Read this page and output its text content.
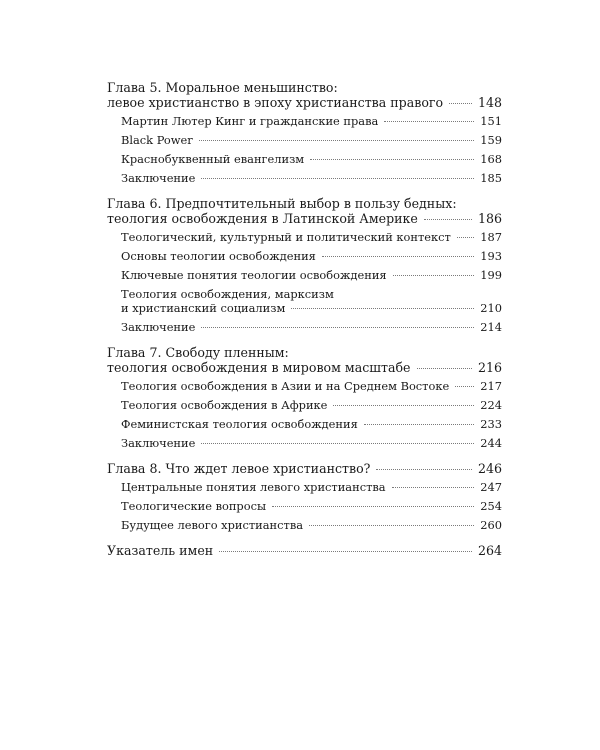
Глава 5. Моральное меньшинство:
левое христианство в эпоху христианства правого	148
Мартин Лютер Кинг и гражданские права	151
Black Power	159
Краснобуквенный евангелизм	168
Заключение	185
Глава 6. Предпочтительный выбор в пользу бедных:
теология освобождения в Латинской Америке	186
Теологический, культурный и политический контекст	187
Основы теологии освобождения	193
Ключевые понятия теологии освобождения	199
Теология освобождения, марксизм
и христианский социализм	210
Заключение	214
Глава 7. Свободу пленным:
теология освобождения в мировом масштабе	216
Теология освобождения в Азии и на Среднем Востоке	217
Теология освобождения в Африке	224
Феминистская теология освобождения	233
Заключение	244
Глава 8. Что ждет левое христианство?	246
Центральные понятия левого христианства	247
Теологические вопросы	254
Будущее левого христианства	260
Указатель имен	264
